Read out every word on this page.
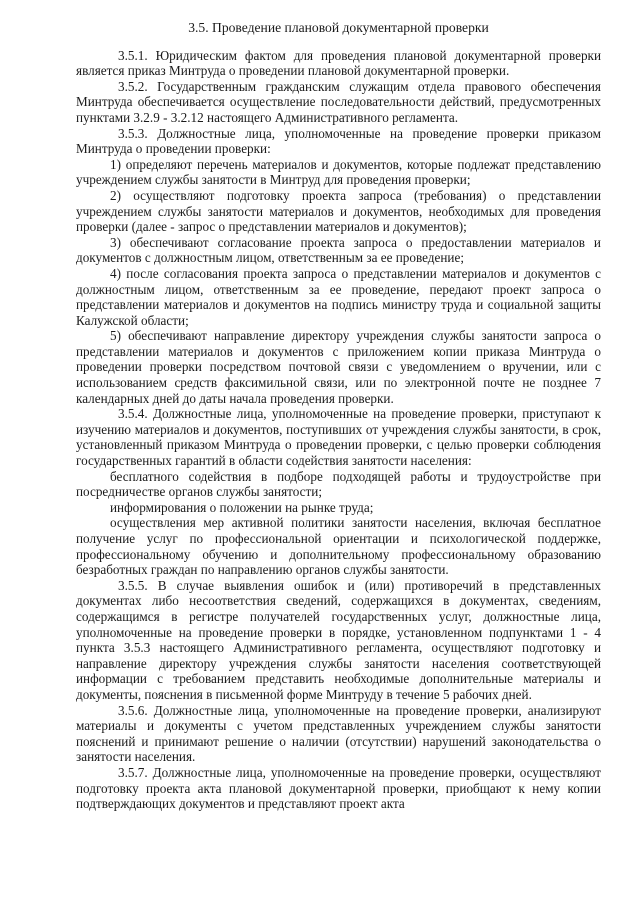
3.5. Проведение плановой документарной проверки

3.5.1. Юридическим фактом для проведения плановой документарной проверки является приказ Минтруда о проведении плановой документарной проверки.

3.5.2. Государственным гражданским служащим отдела правового обеспечения Минтруда обеспечивается осуществление последовательности действий, предусмотренных пунктами 3.2.9 - 3.2.12 настоящего Административного регламента.

3.5.3. Должностные лица, уполномоченные на проведение проверки приказом Минтруда о проведении проверки:

1) определяют перечень материалов и документов, которые подлежат представлению учреждением службы занятости в Минтруд для проведения проверки;

2) осуществляют подготовку проекта запроса (требования) о представлении учреждением службы занятости материалов и документов, необходимых для проведения проверки (далее - запрос о представлении материалов и документов);

3) обеспечивают согласование проекта запроса о предоставлении материалов и документов с должностным лицом, ответственным за ее проведение;

4) после согласования проекта запроса о представлении материалов и документов с должностным лицом, ответственным за ее проведение, передают проект запроса о представлении материалов и документов на подпись министру труда и социальной защиты Калужской области;

5) обеспечивают направление директору учреждения службы занятости запроса о представлении материалов и документов с приложением копии приказа Минтруда о проведении проверки посредством почтовой связи с уведомлением о вручении, или с использованием средств факсимильной связи, или по электронной почте не позднее 7 календарных дней до даты начала проведения проверки.

3.5.4. Должностные лица, уполномоченные на проведение проверки, приступают к изучению материалов и документов, поступивших от учреждения службы занятости, в срок, установленный приказом Минтруда о проведении проверки, с целью проверки соблюдения государственных гарантий в области содействия занятости населения:

бесплатного содействия в подборе подходящей работы и трудоустройстве при посредничестве органов службы занятости;

информирования о положении на рынке труда;

осуществления мер активной политики занятости населения, включая бесплатное получение услуг по профессиональной ориентации и психологической поддержке, профессиональному обучению и дополнительному профессиональному образованию безработных граждан по направлению органов службы занятости.

3.5.5. В случае выявления ошибок и (или) противоречий в представленных документах либо несоответствия сведений, содержащихся в документах, сведениям, содержащимся в регистре получателей государственных услуг, должностные лица, уполномоченные на проведение проверки в порядке, установленном подпунктами 1 - 4 пункта 3.5.3 настоящего Административного регламента, осуществляют подготовку и направление директору учреждения службы занятости населения соответствующей информации с требованием представить необходимые дополнительные материалы и документы, пояснения в письменной форме Минтруду в течение 5 рабочих дней.

3.5.6. Должностные лица, уполномоченные на проведение проверки, анализируют материалы и документы с учетом представленных учреждением службы занятости пояснений и принимают решение о наличии (отсутствии) нарушений законодательства о занятости населения.

3.5.7. Должностные лица, уполномоченные на проведение проверки, осуществляют подготовку проекта акта плановой документарной проверки, приобщают к нему копии подтверждающих документов и представляют проект акта
